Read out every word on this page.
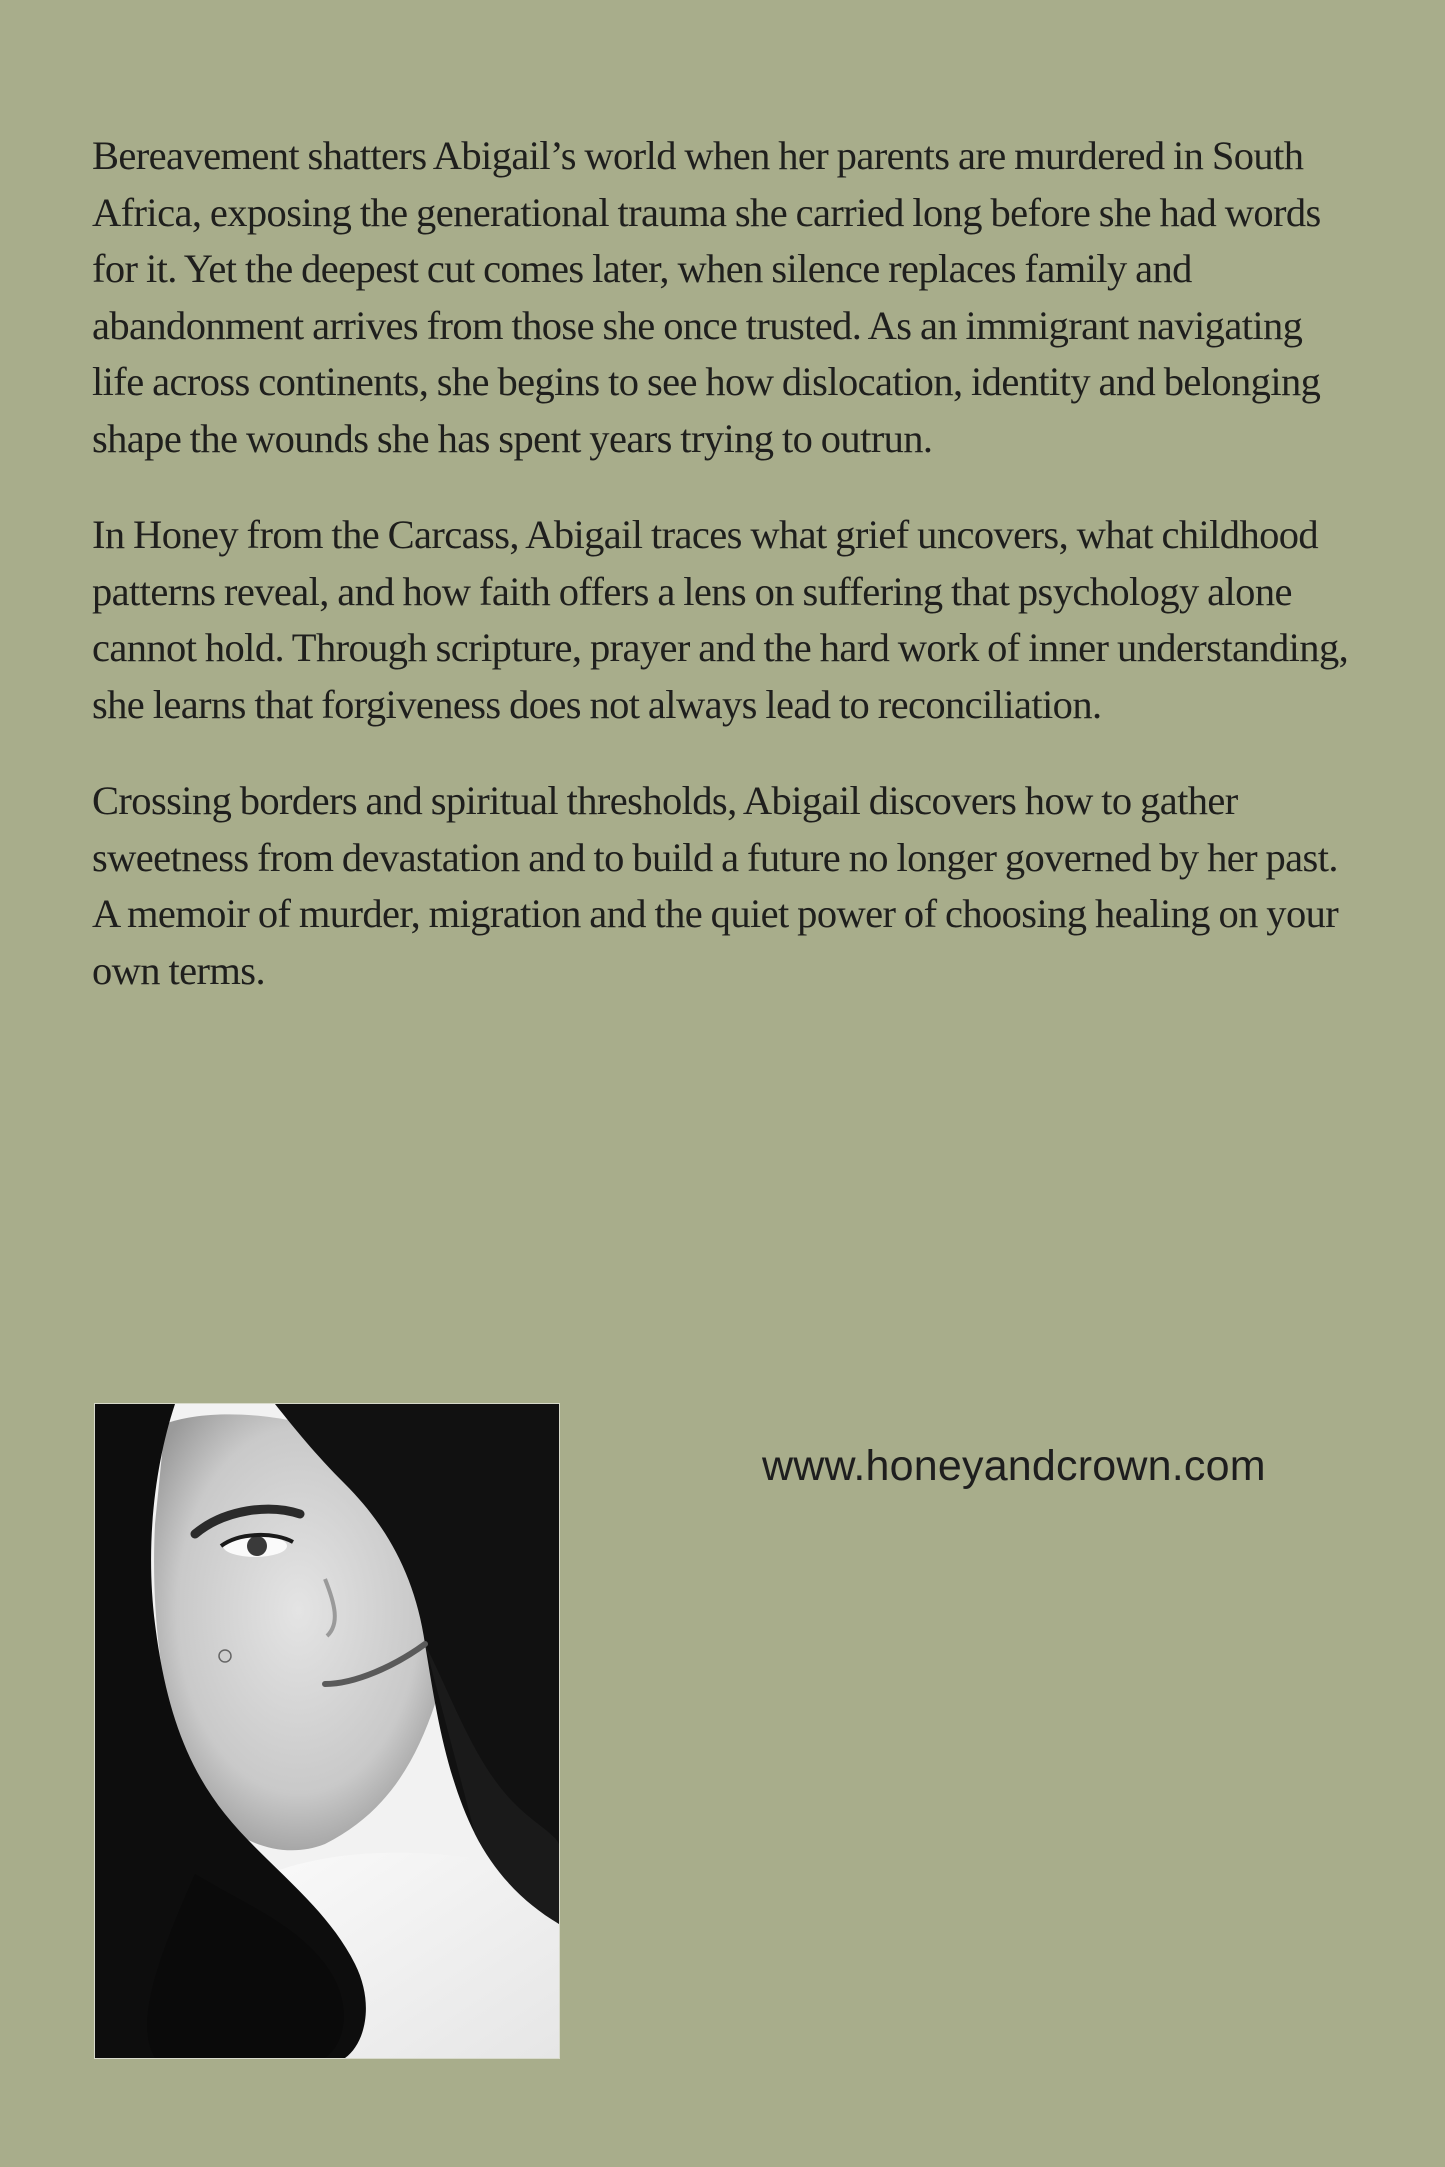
Bereavement shatters Abigail’s world when her parents are murdered in South Africa, exposing the generational trauma she carried long before she had words for it. Yet the deepest cut comes later, when silence replaces family and abandonment arrives from those she once trusted. As an immigrant navigating life across continents, she begins to see how dislocation, identity and belonging shape the wounds she has spent years trying to outrun.

In Honey from the Carcass, Abigail traces what grief uncovers, what childhood patterns reveal, and how faith offers a lens on suffering that psychology alone cannot hold. Through scripture, prayer and the hard work of inner understanding, she learns that forgiveness does not always lead to reconciliation.

Crossing borders and spiritual thresholds, Abigail discovers how to gather sweetness from devastation and to build a future no longer governed by her past. A memoir of murder, migration and the quiet power of choosing healing on your own terms.

www.honeyandcrown.com
